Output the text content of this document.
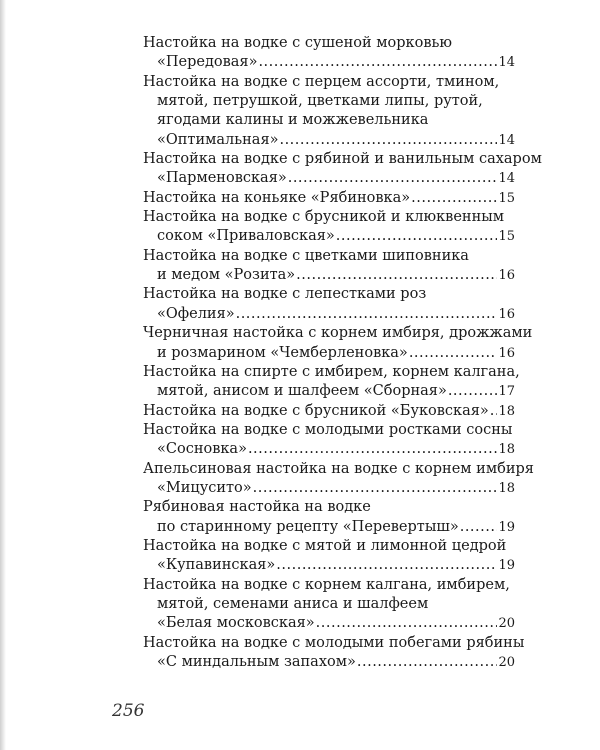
Настойка на водке с сушеной морковью
«Передовая» .....	14
Настойка на водке с перцем ассорти, тмином,
мятой, петрушкой, цветками липы, рутой,
ягодами калины и можжевельника
«Оптимальная» .....	14
Настойка на водке с рябиной и ванильным сахаром
«Парменовская» .....	14
Настойка на коньяке «Рябиновка» .....	15
Настойка на водке с брусникой и клюквенным
соком «Приваловская» .....	15
Настойка на водке с цветками шиповника
и медом «Розита» .....	16
Настойка на водке с лепестками роз
«Офелия» .....	16
Черничная настойка с корнем имбиря, дрожжами
и розмарином «Чемберленовка» .....	16
Настойка на спирте с имбирем, корнем калгана,
мятой, анисом и шалфеем «Сборная» .....	17
Настойка на водке с брусникой «Буковская» ..... 18
Настойка на водке с молодыми ростками сосны
«Сосновка» .....	18
Апельсиновая настойка на водке с корнем имбиря
«Мицусито» .....	18
Рябиновая настойка на водке
по старинному рецепту «Перевертыш» .....	19
Настойка на водке с мятой и лимонной цедрой
«Купавинская» .....	19
Настойка на водке с корнем калгана, имбирем,
мятой, семенами аниса и шалфеем
«Белая московская» .....	20
Настойка на водке с молодыми побегами рябины
«С миндальным запахом» .....	20
256
